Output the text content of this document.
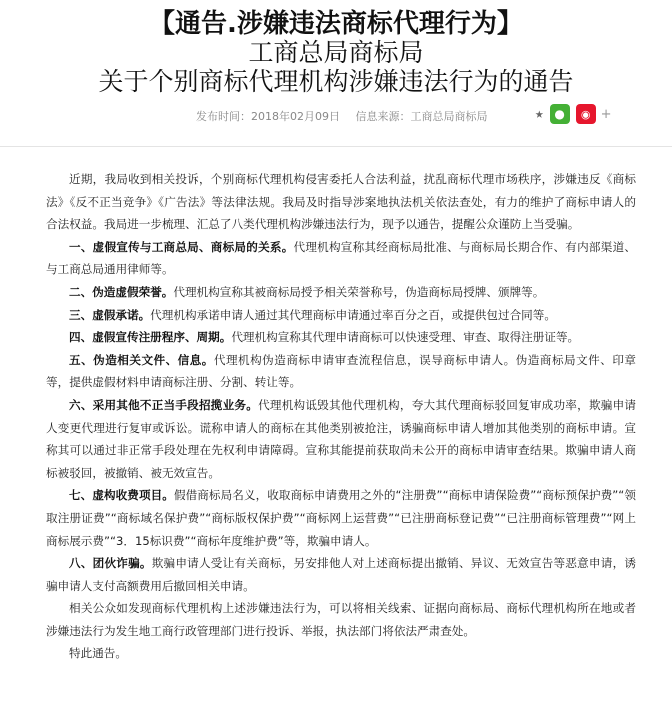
【通告.涉嫌违法商标代理行为】
工商总局商标局
关于个别商标代理机构涉嫌违法行为的通告
发布时间：2018年02月09日 信息来源：工商总局商标局	⭑ ●	◉ +

近期，我局收到相关投诉，个别商标代理机构侵害委托人合法利益，扰乱商标代理市场秩序，涉嫌违反《商标法》《反不正当竞争》《广告法》等法律法规。我局及时指导涉案地执法机关依法查处，有力的维护了商标申请人的合法权益。我局进一步梳理、汇总了八类代理机构涉嫌违法行为，现予以通告，提醒公众谨防上当受骗。

一、虚假宣传与工商总局、商标局的关系。代理机构宣称其经商标局批准、与商标局长期合作、有内部渠道、与工商总局通用律师等。

二、伪造虚假荣誉。代理机构宣称其被商标局授予相关荣誉称号，伪造商标局授牌、颁牌等。

三、虚假承诺。代理机构承诺申请人通过其代理商标申请通过率百分之百，或提供包过合同等。

四、虚假宣传注册程序、周期。代理机构宣称其代理申请商标可以快速受理、审查、取得注册证等。

五、伪造相关文件、信息。代理机构伪造商标申请审查流程信息，误导商标申请人。伪造商标局文件、印章等，提供虚假材料申请商标注册、分割、转让等。

六、采用其他不正当手段招揽业务。代理机构诋毁其他代理机构，夸大其代理商标驳回复审成功率，欺骗申请人变更代理进行复审或诉讼。谎称申请人的商标在其他类别被抢注，诱骗商标申请人增加其他类别的商标申请。宣称其可以通过非正常手段处理在先权利申请障碍。宣称其能提前获取尚未公开的商标申请审查结果。欺骗申请人商标被驳回，被撤销、被无效宣告。

七、虚构收费项目。假借商标局名义，收取商标申请费用之外的“注册费”“商标申请保险费”“商标预保护费”“领取注册证费”“商标域名保护费”“商标版权保护费”“商标网上运营费”“已注册商标登记费”“已注册商标管理费”“网上商标展示费”“3．15标识费”“商标年度维护费”等，欺骗申请人。

八、团伙诈骗。欺骗申请人受让有关商标，另安排他人对上述商标提出撤销、异议、无效宣告等恶意申请，诱骗申请人支付高额费用后撤回相关申请。

相关公众如发现商标代理机构上述涉嫌违法行为，可以将相关线索、证据向商标局、商标代理机构所在地或者涉嫌违法行为发生地工商行政管理部门进行投诉、举报，执法部门将依法严肃查处。

特此通告。
